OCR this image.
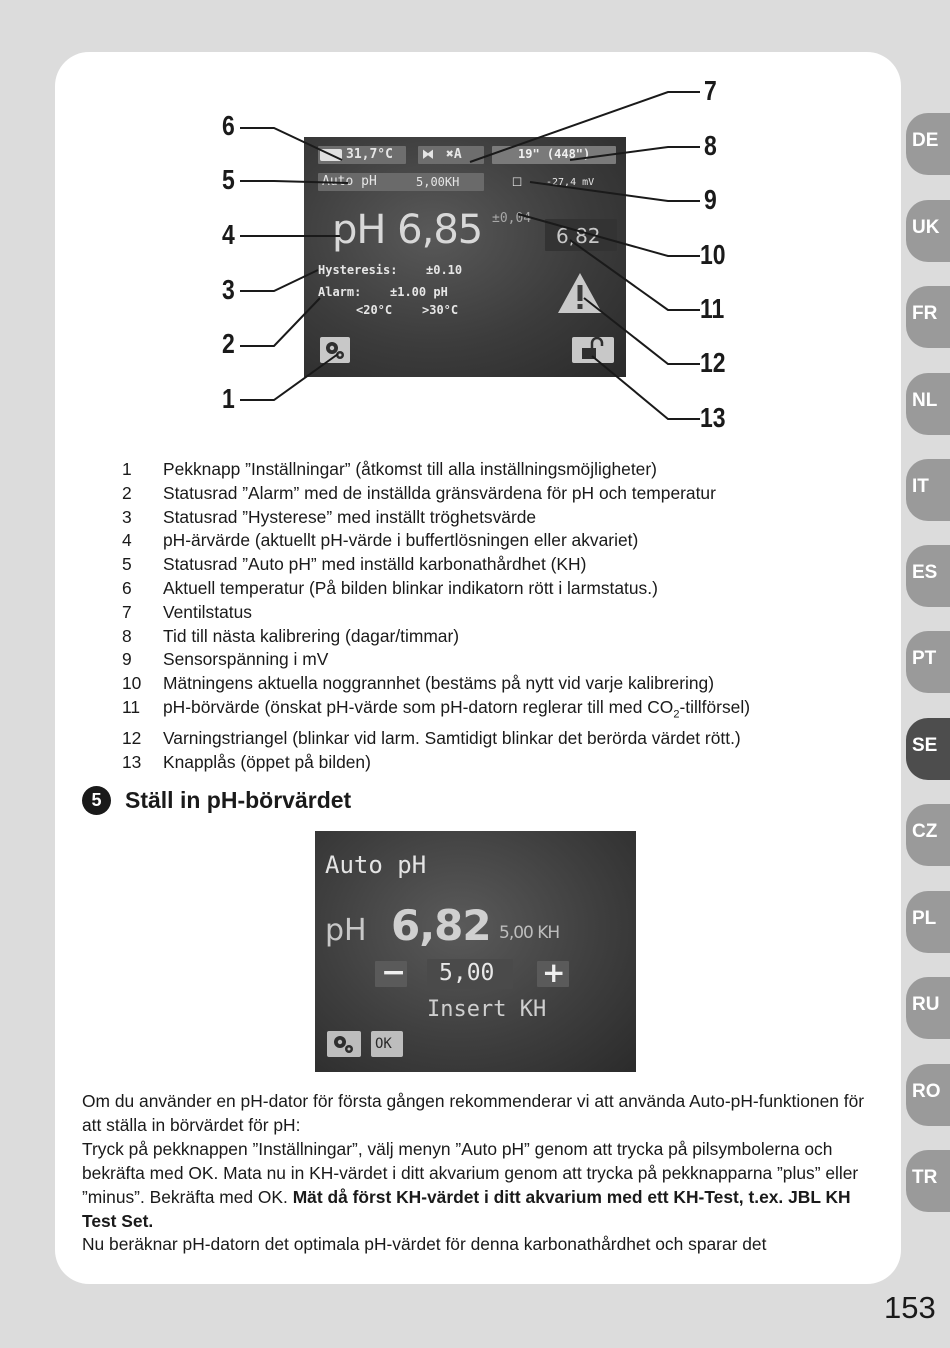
DE
UK
FR
NL
IT
ES
PT
SE
CZ
PL
RU
RO
TR
31,7°C ⧓ ✖A	19" (448")
Auto pH	5,00KH	☐ -27,4 mV
pH 6,85 ±0,04
6,82
Hysteresis: ±0.10
Alarm: ±1.00 pH
<20°C >30°C
6
5
4
3
2
1
7
8
9
10
11
12
13
1	Pekknapp ”Inställningar” (åtkomst till alla inställningsmöjligheter)
2	Statusrad ”Alarm” med de inställda gränsvärdena för pH och temperatur
3	Statusrad ”Hysterese” med inställt tröghetsvärde
4	pH-ärvärde (aktuellt pH-värde i buffertlösningen eller akvariet)
5	Statusrad ”Auto pH” med inställd karbonathårdhet (KH)
6	Aktuell temperatur (På bilden blinkar indikatorn rött i larmstatus.)
7	Ventilstatus
8	Tid till nästa kalibrering (dagar/timmar)
9	Sensorspänning i mV
10	Mätningens aktuella noggrannhet (bestäms på nytt vid varje kalibrering)
11	pH-börvärde (önskat pH-värde som pH-datorn reglerar till med $CO_2-tillförsel$)
12	Varningstriangel (blinkar vid larm. Samtidigt blinkar det berörda värdet rött.)
13	Knapplås (öppet på bilden)
5	Ställ in pH-börvärdet
Auto pH
pH 6,82 5,00 KH
− 5,00 +
Insert KH
OK

Om du använder en pH-dator för första gången rekommenderar vi att använda Auto-pH-funktionen för att ställa in börvärdet för pH:

Tryck på pekknappen ”Inställningar”, välj menyn ”Auto pH” genom att trycka på pilsymbolerna och bekräfta med OK. Mata nu in KH-värdet i ditt akvarium genom att trycka på pekknapparna ”plus” eller ”minus”. Bekräfta med OK. Mät då först KH-värdet i ditt akvarium med ett KH-Test, t.ex. JBL KH Test Set.

Nu beräknar pH-datorn det optimala pH-värdet för denna karbonathårdhet och sparar det

153
